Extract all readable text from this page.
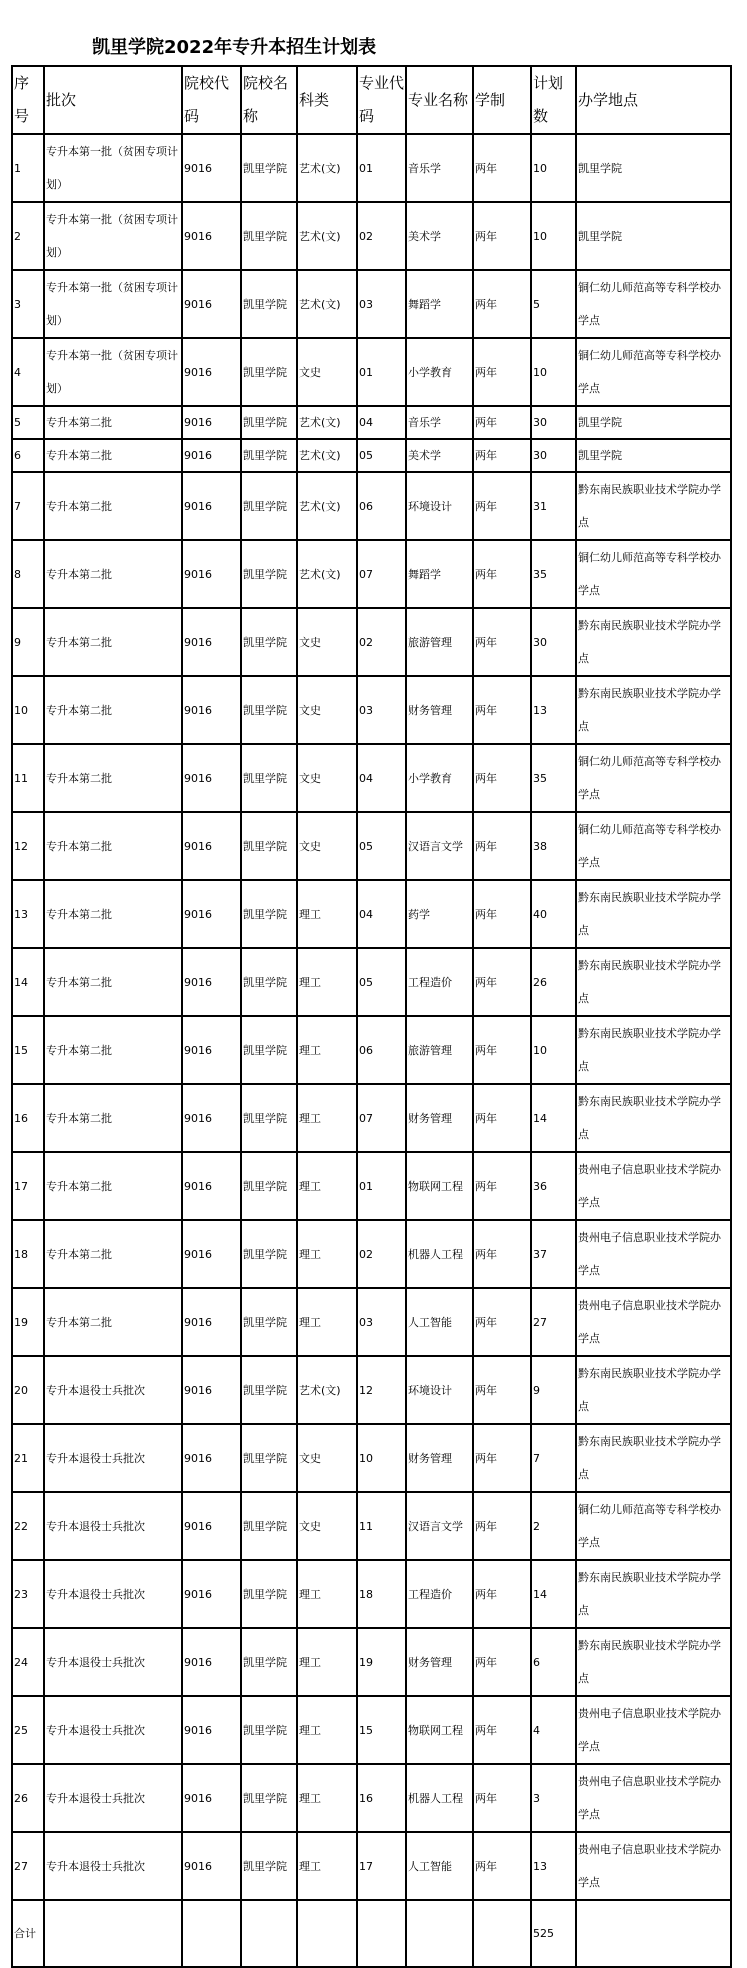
凯里学院2022年专升本招生计划表
序号	批次	院校代码	院校名称	科类	专业代码	专业名称	学制	计划数	办学地点
1	专升本第一批（贫困专项计划）	9016	凯里学院	艺术(文)	01	音乐学	两年	10	凯里学院
2	专升本第一批（贫困专项计划）	9016	凯里学院	艺术(文)	02	美术学	两年	10	凯里学院
3	专升本第一批（贫困专项计划）	9016	凯里学院	艺术(文)	03	舞蹈学	两年	5	铜仁幼儿师范高等专科学校办学点
4	专升本第一批（贫困专项计划）	9016	凯里学院	文史	01	小学教育	两年	10	铜仁幼儿师范高等专科学校办学点
5	专升本第二批	9016	凯里学院	艺术(文)	04	音乐学	两年	30	凯里学院
6	专升本第二批	9016	凯里学院	艺术(文)	05	美术学	两年	30	凯里学院
7	专升本第二批	9016	凯里学院	艺术(文)	06	环境设计	两年	31	黔东南民族职业技术学院办学点
8	专升本第二批	9016	凯里学院	艺术(文)	07	舞蹈学	两年	35	铜仁幼儿师范高等专科学校办学点
9	专升本第二批	9016	凯里学院	文史	02	旅游管理	两年	30	黔东南民族职业技术学院办学点
10	专升本第二批	9016	凯里学院	文史	03	财务管理	两年	13	黔东南民族职业技术学院办学点
11	专升本第二批	9016	凯里学院	文史	04	小学教育	两年	35	铜仁幼儿师范高等专科学校办学点
12	专升本第二批	9016	凯里学院	文史	05	汉语言文学	两年	38	铜仁幼儿师范高等专科学校办学点
13	专升本第二批	9016	凯里学院	理工	04	药学	两年	40	黔东南民族职业技术学院办学点
14	专升本第二批	9016	凯里学院	理工	05	工程造价	两年	26	黔东南民族职业技术学院办学点
15	专升本第二批	9016	凯里学院	理工	06	旅游管理	两年	10	黔东南民族职业技术学院办学点
16	专升本第二批	9016	凯里学院	理工	07	财务管理	两年	14	黔东南民族职业技术学院办学点
17	专升本第二批	9016	凯里学院	理工	01	物联网工程	两年	36	贵州电子信息职业技术学院办学点
18	专升本第二批	9016	凯里学院	理工	02	机器人工程	两年	37	贵州电子信息职业技术学院办学点
19	专升本第二批	9016	凯里学院	理工	03	人工智能	两年	27	贵州电子信息职业技术学院办学点
20	专升本退役士兵批次	9016	凯里学院	艺术(文)	12	环境设计	两年	9	黔东南民族职业技术学院办学点
21	专升本退役士兵批次	9016	凯里学院	文史	10	财务管理	两年	7	黔东南民族职业技术学院办学点
22	专升本退役士兵批次	9016	凯里学院	文史	11	汉语言文学	两年	2	铜仁幼儿师范高等专科学校办学点
23	专升本退役士兵批次	9016	凯里学院	理工	18	工程造价	两年	14	黔东南民族职业技术学院办学点
24	专升本退役士兵批次	9016	凯里学院	理工	19	财务管理	两年	6	黔东南民族职业技术学院办学点
25	专升本退役士兵批次	9016	凯里学院	理工	15	物联网工程	两年	4	贵州电子信息职业技术学院办学点
26	专升本退役士兵批次	9016	凯里学院	理工	16	机器人工程	两年	3	贵州电子信息职业技术学院办学点
27	专升本退役士兵批次	9016	凯里学院	理工	17	人工智能	两年	13	贵州电子信息职业技术学院办学点
合计								525	
